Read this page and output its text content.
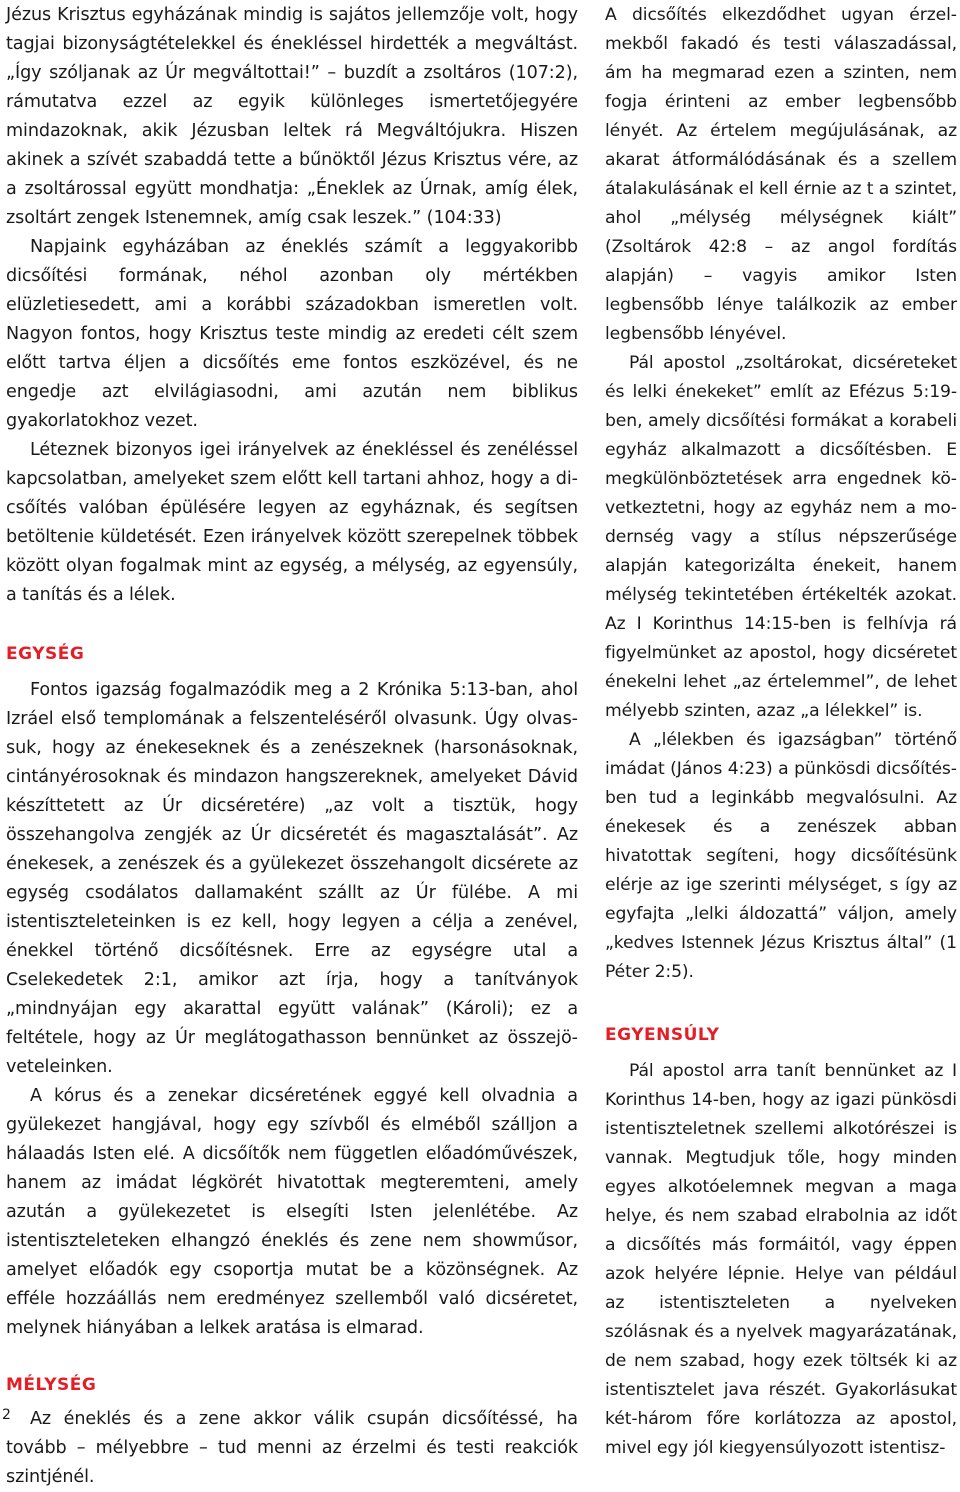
Jézus Krisztus egyházának mindig is sajátos jellemzője volt, hogy tagjai bizonyságtételekkel és énekléssel hirdették a megváltást. „Így szóljanak az Úr megváltottai!” – buzdít a zsoltáros (107:2), rámutatva ezzel az egyik különleges ismertetőjegyére mindazoknak, akik Jézusban leltek rá Megváltójukra. Hiszen akinek a szívét szabaddá tette a bűnöktől Jézus Krisztus vére, az a zsoltárossal együtt mondhatja: „Éneklek az Úrnak, amíg élek, zsoltárt zengek Istenemnek, amíg csak leszek.” (104:33)

Napjaink egyházában az éneklés számít a leggyakoribb dicsőítési formának, néhol azonban oly mértékben elüzletiesedett, ami a korábbi századokban ismeretlen volt. Nagyon fontos, hogy Krisztus teste mindig az eredeti célt szem előtt tartva éljen a dicsőítés eme fontos eszközével, és ne engedje azt elvilágiasodni, ami azután nem biblikus gyakorlatokhoz vezet.

Léteznek bizonyos igei irányelvek az énekléssel és zenéléssel kapcsolatban, amelyeket szem előtt kell tartani ahhoz, hogy a dicsőítés valóban épülésére legyen az egyháznak, és segítsen betöltenie küldetését. Ezen irányelvek között szerepelnek többek között olyan fogalmak mint az egység, a mélység, az egyensúly, a tanítás és a lélek.

EGYSÉG

Fontos igazság fogalmazódik meg a 2 Krónika 5:13-ban, ahol Izráel első templomának a felszenteléséről olvasunk. Úgy olvassuk, hogy az énekeseknek és a zenészeknek (harsonásoknak, cintányérosoknak és mindazon hangszereknek, amelyeket Dávid készíttetett az Úr dicséretére) „az volt a tisztük, hogy összehangolva zengjék az Úr dicséretét és magasztalását”. Az énekesek, a zenészek és a gyülekezet összehangolt dicsérete az egység csodálatos dallamaként szállt az Úr fülébe. A mi istentiszteleteinken is ez kell, hogy legyen a célja a zenével, énekkel történő dicsőítésnek. Erre az egységre utal a Cselekedetek 2:1, amikor azt írja, hogy a tanítványok „mindnyájan egy akarattal együtt valának” (Károli); ez a feltétele, hogy az Úr meglátogathasson bennünket az összejöveteleinken.

A kórus és a zenekar dicséretének eggyé kell olvadnia a gyülekezet hangjával, hogy egy szívből és elméből szálljon a hálaadás Isten elé. A dicsőítők nem független előadóművészek, hanem az imádat légkörét hivatottak megteremteni, amely azután a gyülekezetet is elsegíti Isten jelenlétébe. Az istentiszteleteken elhangzó éneklés és zene nem showműsor, amelyet előadók egy csoportja mutat be a közönségnek. Az efféle hozzáállás nem eredményez szellemből való dicséretet, melynek hiányában a lelkek aratása is elmarad.

MÉLYSÉG

Az éneklés és a zene akkor válik csupán dicsőítéssé, ha tovább – mélyebbre – tud menni az érzelmi és testi reakciók szintjénél.

A dicsőítés elkezdődhet ugyan érzelmekből fakadó és testi válaszadással, ám ha megmarad ezen a szinten, nem fogja érinteni az ember legbensőbb lényét. Az értelem megújulásának, az akarat átformálódásának és a szellem átalakulásának el kell érnie az t a szintet, ahol „mélység mélységnek kiált” (Zsoltárok 42:8 – az angol fordítás alapján) – vagyis amikor Isten legbensőbb lénye találkozik az ember legbensőbb lényével.

Pál apostol „zsoltárokat, dicséreteket és lelki énekeket” említ az Efézus 5:19-ben, amely dicsőítési formákat a korabeli egyház alkalmazott a dicsőítésben. E megkülönböztetések arra engednek következtetni, hogy az egyház nem a modernség vagy a stílus népszerűsége alapján kategorizálta énekeit, hanem mélység tekintetében értékelték azokat. Az I Korinthus 14:15-ben is felhívja rá figyelmünket az apostol, hogy dicséretet énekelni lehet „az értelemmel”, de lehet mélyebb szinten, azaz „a lélekkel” is.

A „lélekben és igazságban” történő imádat (János 4:23) a pünkösdi dicsőítésben tud a leginkább megvalósulni. Az énekesek és a zenészek abban hivatottak segíteni, hogy dicsőítésünk elérje az ige szerinti mélységet, s így az egyfajta „lelki áldozattá” váljon, amely „kedves Istennek Jézus Krisztus által” (1 Péter 2:5).

EGYENSÚLY

Pál apostol arra tanít bennünket az I Korinthus 14-ben, hogy az igazi pünkösdi istentiszteletnek szellemi alkotórészei is vannak. Megtudjuk tőle, hogy minden egyes alkotóelemnek megvan a maga helye, és nem szabad elrabolnia az időt a dicsőítés más formáitól, vagy éppen azok helyére lépnie. Helye van például az istentiszteleten a nyelveken szólásnak és a nyelvek magyarázatának, de nem szabad, hogy ezek töltsék ki az istentisztelet java részét. Gyakorlásukat két-három főre korlátozza az apostol, mivel egy jól kiegyensúlyozott istentisz-

2
